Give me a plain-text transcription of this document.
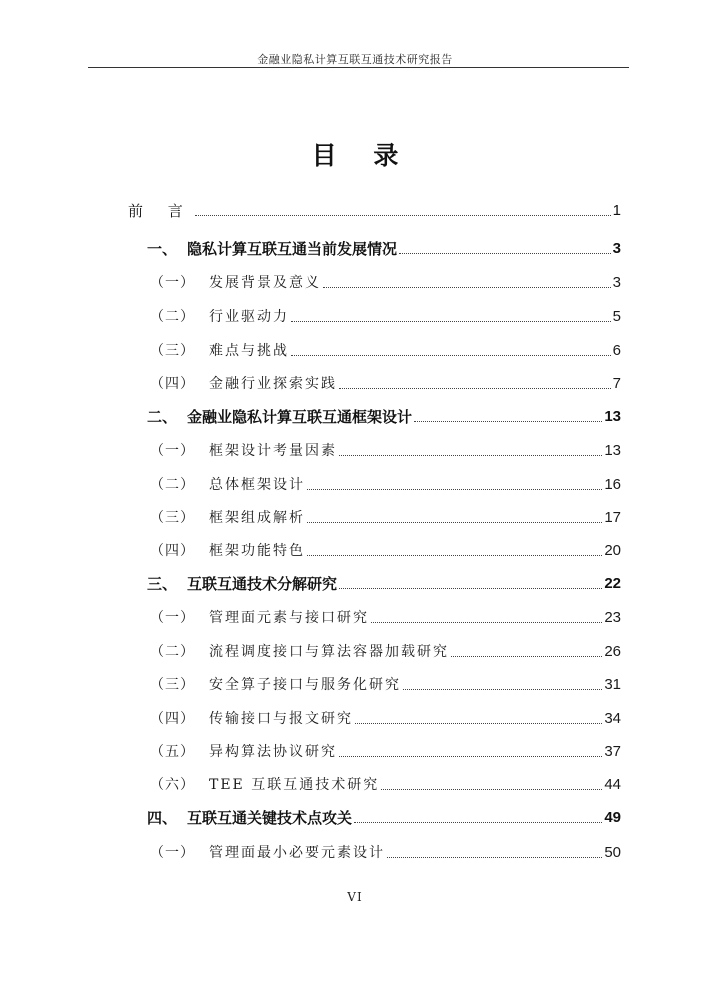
金融业隐私计算互联互通技术研究报告
目 录
前 言	1
一、 隐私计算互联互通当前发展情况	3
（一） 发展背景及意义	3
（二） 行业驱动力	5
（三） 难点与挑战	6
（四） 金融行业探索实践	7
二、 金融业隐私计算互联互通框架设计	13
（一） 框架设计考量因素	13
（二） 总体框架设计	16
（三） 框架组成解析	17
（四） 框架功能特色	20
三、 互联互通技术分解研究	22
（一） 管理面元素与接口研究	23
（二） 流程调度接口与算法容器加载研究	26
（三） 安全算子接口与服务化研究	31
（四） 传输接口与报文研究	34
（五） 异构算法协议研究	37
（六） TEE 互联互通技术研究	44
四、 互联互通关键技术点攻关	49
（一） 管理面最小必要元素设计	50
VI
